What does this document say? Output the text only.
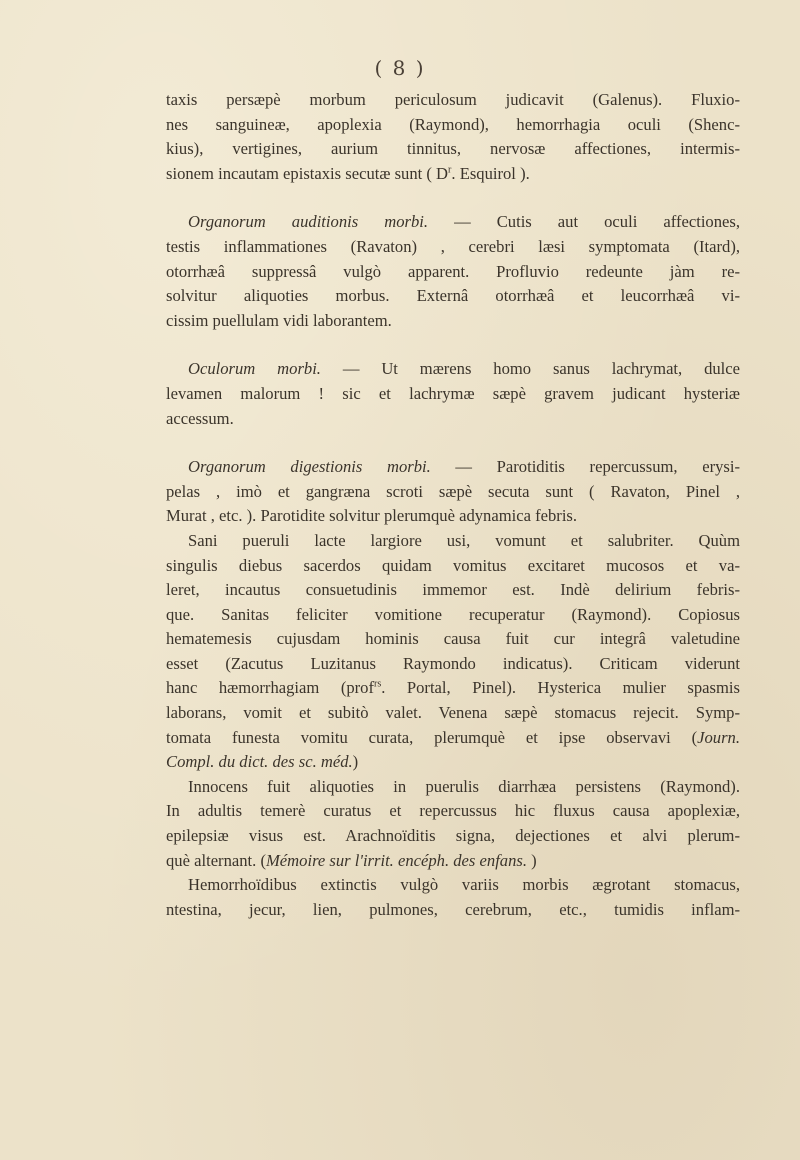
( 8 )

taxis persæpè morbum periculosum judicavit (Galenus). Fluxio-
nes sanguineæ, apoplexia (Raymond), hemorrhagia oculi (Shenc-
kius), vertigines, aurium tinnitus, nervosæ affectiones, intermis-
sionem incautam epistaxis secutæ sunt ( $D^r$. Esquirol ).

Organorum auditionis morbi. — Cutis aut oculi affectiones,

testis inflammationes (Ravaton) , cerebri læsi symptomata (Itard),
otorrhæâ suppressâ vulgò apparent. Profluvio redeunte jàm re-
solvitur aliquoties morbus. Externâ otorrhæâ et leucorrhæâ vi-
cissim puellulam vidi laborantem.

Oculorum morbi. — Ut mærens homo sanus lachrymat, dulce

levamen malorum ! sic et lachrymæ sæpè gravem judicant hysteriæ
accessum.

Organorum digestionis morbi. — Parotiditis repercussum, erysi-

pelas , imò et gangræna scroti sæpè secuta sunt ( Ravaton, Pinel ,
Murat , etc. ). Parotidite solvitur plerumquè adynamica febris.

Sani pueruli lacte largiore usi, vomunt et salubriter. Quùm
singulis diebus sacerdos quidam vomitus excitaret mucosos et va-
leret, incautus consuetudinis immemor est. Indè delirium febris-
que. Sanitas feliciter vomitione recuperatur (Raymond). Copiosus
hematemesis cujusdam hominis causa fuit cur integrâ valetudine
esset (Zacutus Luzitanus Raymondo indicatus). Criticam viderunt
hanc hæmorrhagiam (prof$^{rs}$. Portal, Pinel). Hysterica mulier spasmis
laborans, vomit et subitò valet. Venena sæpè stomacus rejecit. Symp-
tomata funesta vomitu curata, plerumquè et ipse observavi (Journ.
Compl. du dict. des sc. méd.)

Innocens fuit aliquoties in puerulis diarrhæa persistens (Raymond).
In adultis temerè curatus et repercussus hic fluxus causa apoplexiæ,
epilepsiæ visus est. Arachnoïditis signa, dejectiones et alvi plerum-
què alternant. (Mémoire sur l'irrit. encéph. des enfans. )

Hemorrhoïdibus extinctis vulgò variis morbis ægrotant stomacus,
ntestina, jecur, lien, pulmones, cerebrum, etc., tumidis inflam-
